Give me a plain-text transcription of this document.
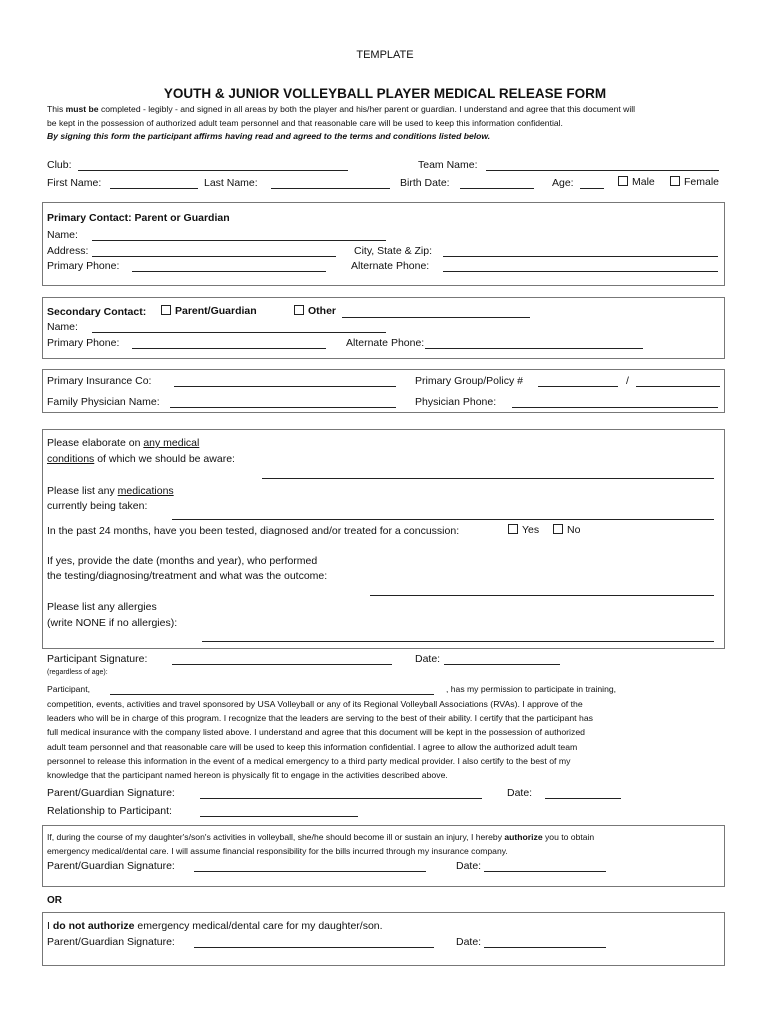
TEMPLATE
YOUTH & JUNIOR VOLLEYBALL PLAYER MEDICAL RELEASE FORM
This must be completed - legibly - and signed in all areas by both the player and his/her parent or guardian. I understand and agree that this document will
be kept in the possession of authorized adult team personnel and that reasonable care will be used to keep this information confidential.
By signing this form the participant affirms having read and agreed to the terms and conditions listed below.
Club:	Team Name:
First Name:	Last Name:	Birth Date:	Age:	Male	Female
Primary Contact: Parent or Guardian
Name:
Address:	City, State & Zip:
Primary Phone:	Alternate Phone:
Secondary Contact:	Parent/Guardian	Other
Name:
Primary Phone:	Alternate Phone:
Primary Insurance Co:	Primary Group/Policy #	/
Family Physician Name:	Physician Phone:
Please elaborate on any medical
conditions of which we should be aware:
Please list any medications
currently being taken:
In the past 24 months, have you been tested, diagnosed and/or treated for a concussion:	Yes	No
If yes, provide the date (months and year), who performed
the testing/diagnosing/treatment and what was the outcome:
Please list any allergies
(write NONE if no allergies):
Participant Signature:	Date:
(regardless of age):
Participant,	, has my permission to participate in training,
competition, events, activities and travel sponsored by USA Volleyball or any of its Regional Volleyball Associations (RVAs). I approve of the
leaders who will be in charge of this program. I recognize that the leaders are serving to the best of their ability. I certify that the participant has
full medical insurance with the company listed above. I understand and agree that this document will be kept in the possession of authorized
adult team personnel and that reasonable care will be used to keep this information confidential. I agree to allow the authorized adult team
personnel to release this information in the event of a medical emergency to a third party medical provider. I also certify to the best of my
knowledge that the participant named hereon is physically fit to engage in the activities described above.
Parent/Guardian Signature:	Date:
Relationship to Participant:
If, during the course of my daughter's/son's activities in volleyball, she/he should become ill or sustain an injury, I hereby authorize you to obtain
emergency medical/dental care. I will assume financial responsibility for the bills incurred through my insurance company.
Parent/Guardian Signature:	Date:
OR
I do not authorize emergency medical/dental care for my daughter/son.
Parent/Guardian Signature:	Date:
